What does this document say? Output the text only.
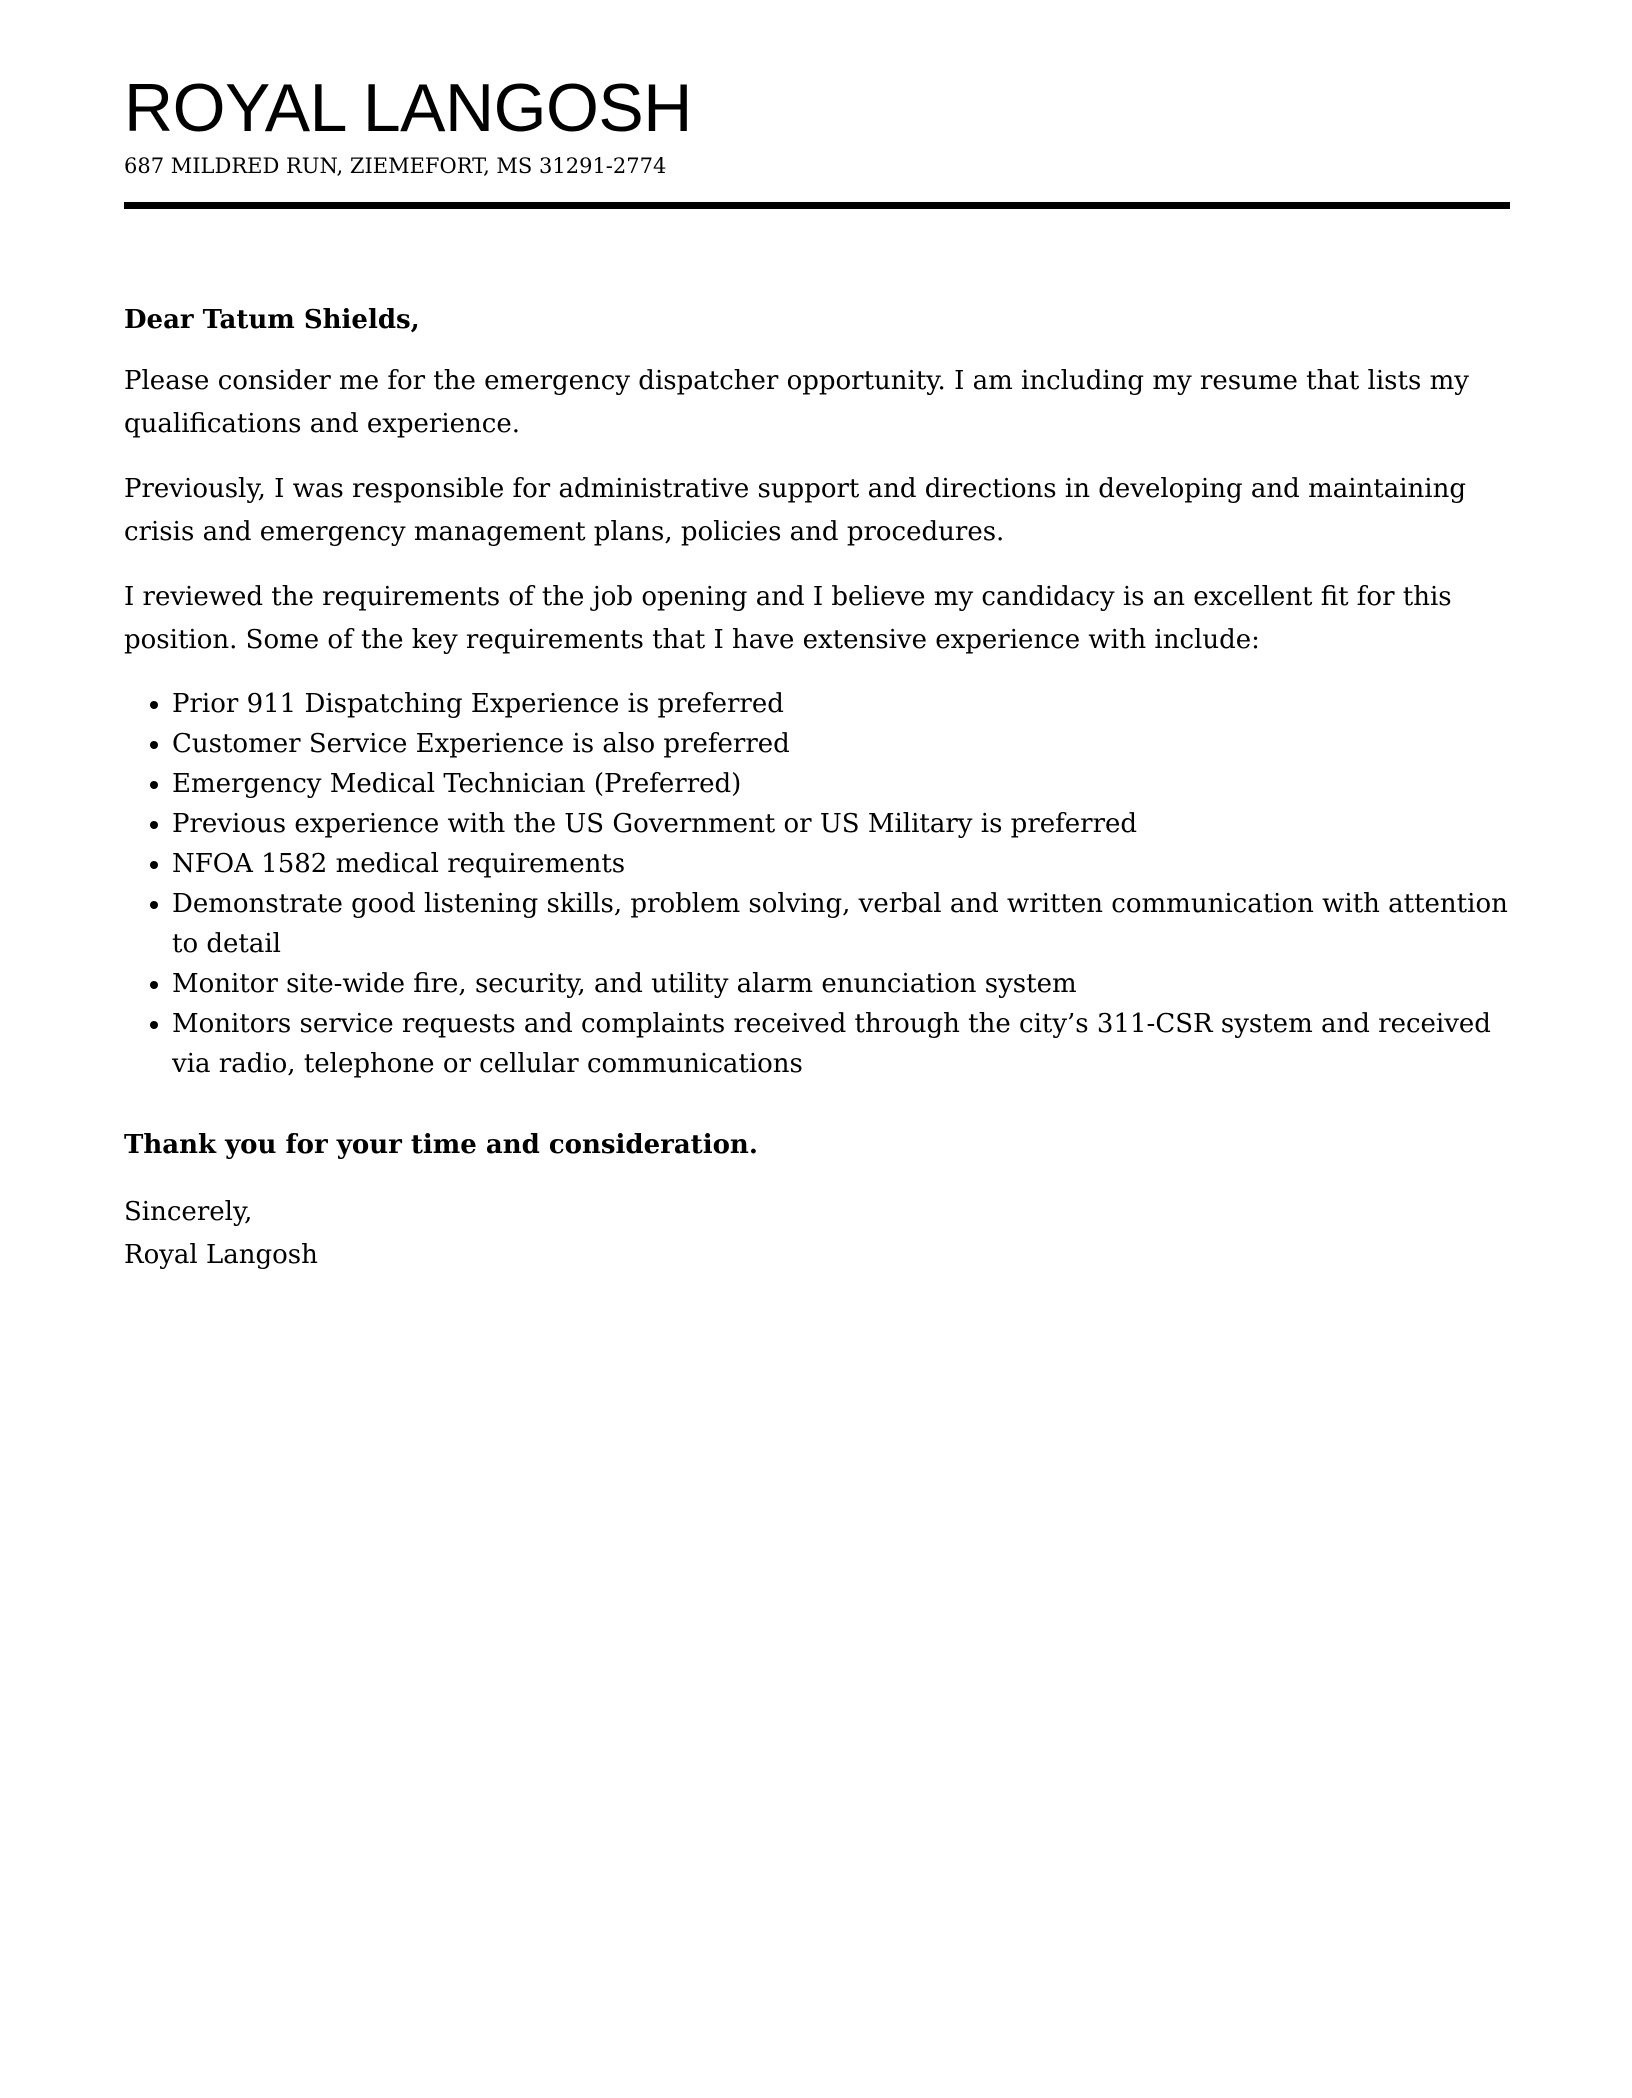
ROYAL LANGOSH

687 MILDRED RUN, ZIEMEFORT, MS 31291-2774

Dear Tatum Shields,

Please consider me for the emergency dispatcher opportunity. I am including my resume that lists my qualifications and experience.

Previously, I was responsible for administrative support and directions in developing and maintaining crisis and emergency management plans, policies and procedures.

I reviewed the requirements of the job opening and I believe my candidacy is an excellent fit for this position. Some of the key requirements that I have extensive experience with include:

• Prior 911 Dispatching Experience is preferred
• Customer Service Experience is also preferred
• Emergency Medical Technician (Preferred)
• Previous experience with the US Government or US Military is preferred
• NFOA 1582 medical requirements
• Demonstrate good listening skills, problem solving, verbal and written communication with attention to detail
• Monitor site-wide fire, security, and utility alarm enunciation system
• Monitors service requests and complaints received through the city’s 311-CSR system and received via radio, telephone or cellular communications

Thank you for your time and consideration.

Sincerely,

Royal Langosh
